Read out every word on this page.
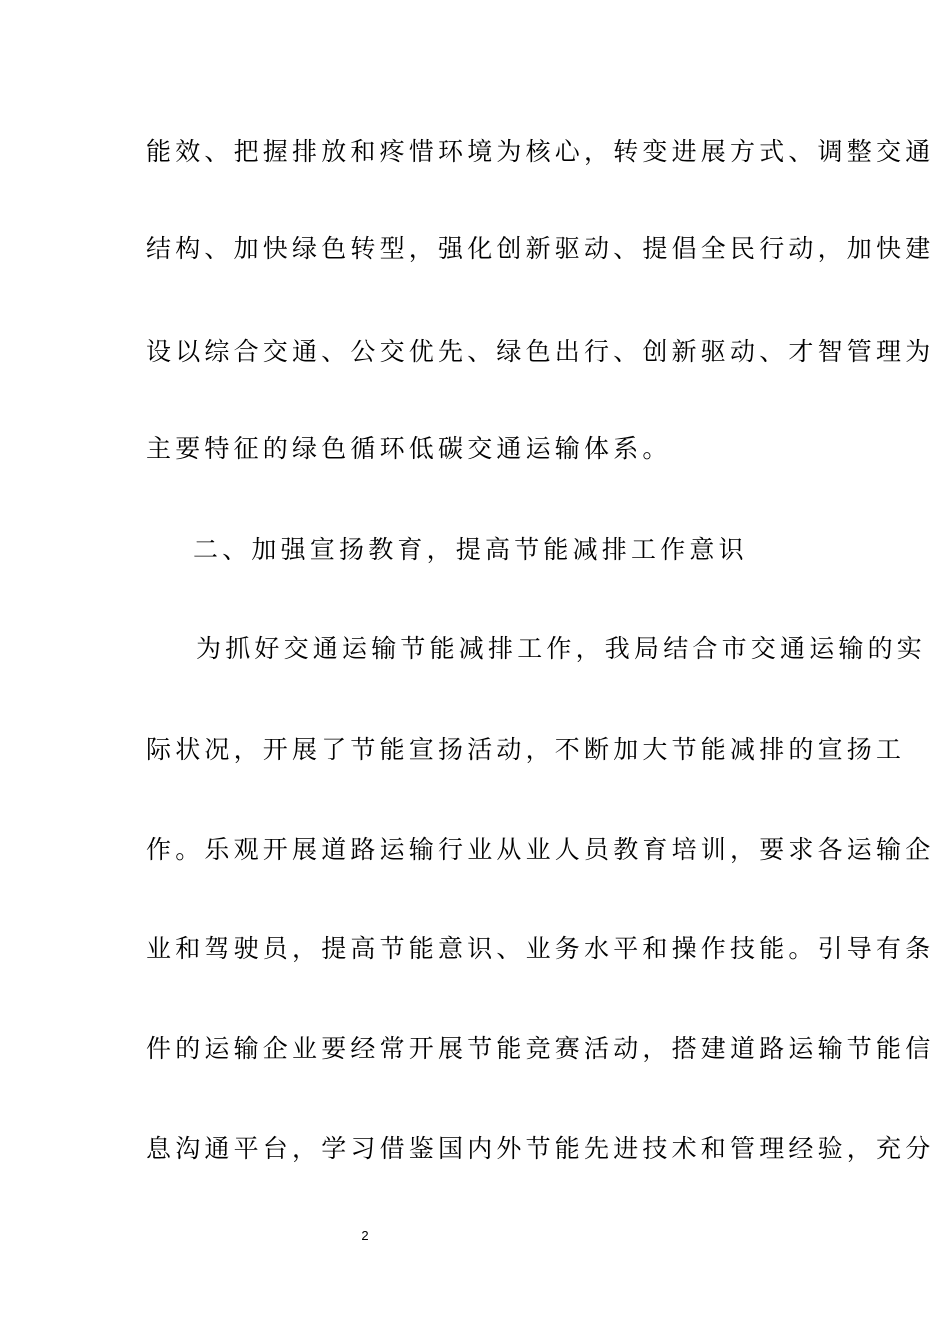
能效、把握排放和疼惜环境为核心，转变进展方式、调整交通
结构、加快绿色转型，强化创新驱动、提倡全民行动，加快建
设以综合交通、公交优先、绿色出行、创新驱动、才智管理为
主要特征的绿色循环低碳交通运输体系。
二、加强宣扬教育，提高节能减排工作意识
为抓好交通运输节能减排工作，我局结合市交通运输的实
际状况，开展了节能宣扬活动，不断加大节能减排的宣扬工
作。乐观开展道路运输行业从业人员教育培训，要求各运输企
业和驾驶员，提高节能意识、业务水平和操作技能。引导有条
件的运输企业要经常开展节能竞赛活动，搭建道路运输节能信
息沟通平台，学习借鉴国内外节能先进技术和管理经验，充分
2
